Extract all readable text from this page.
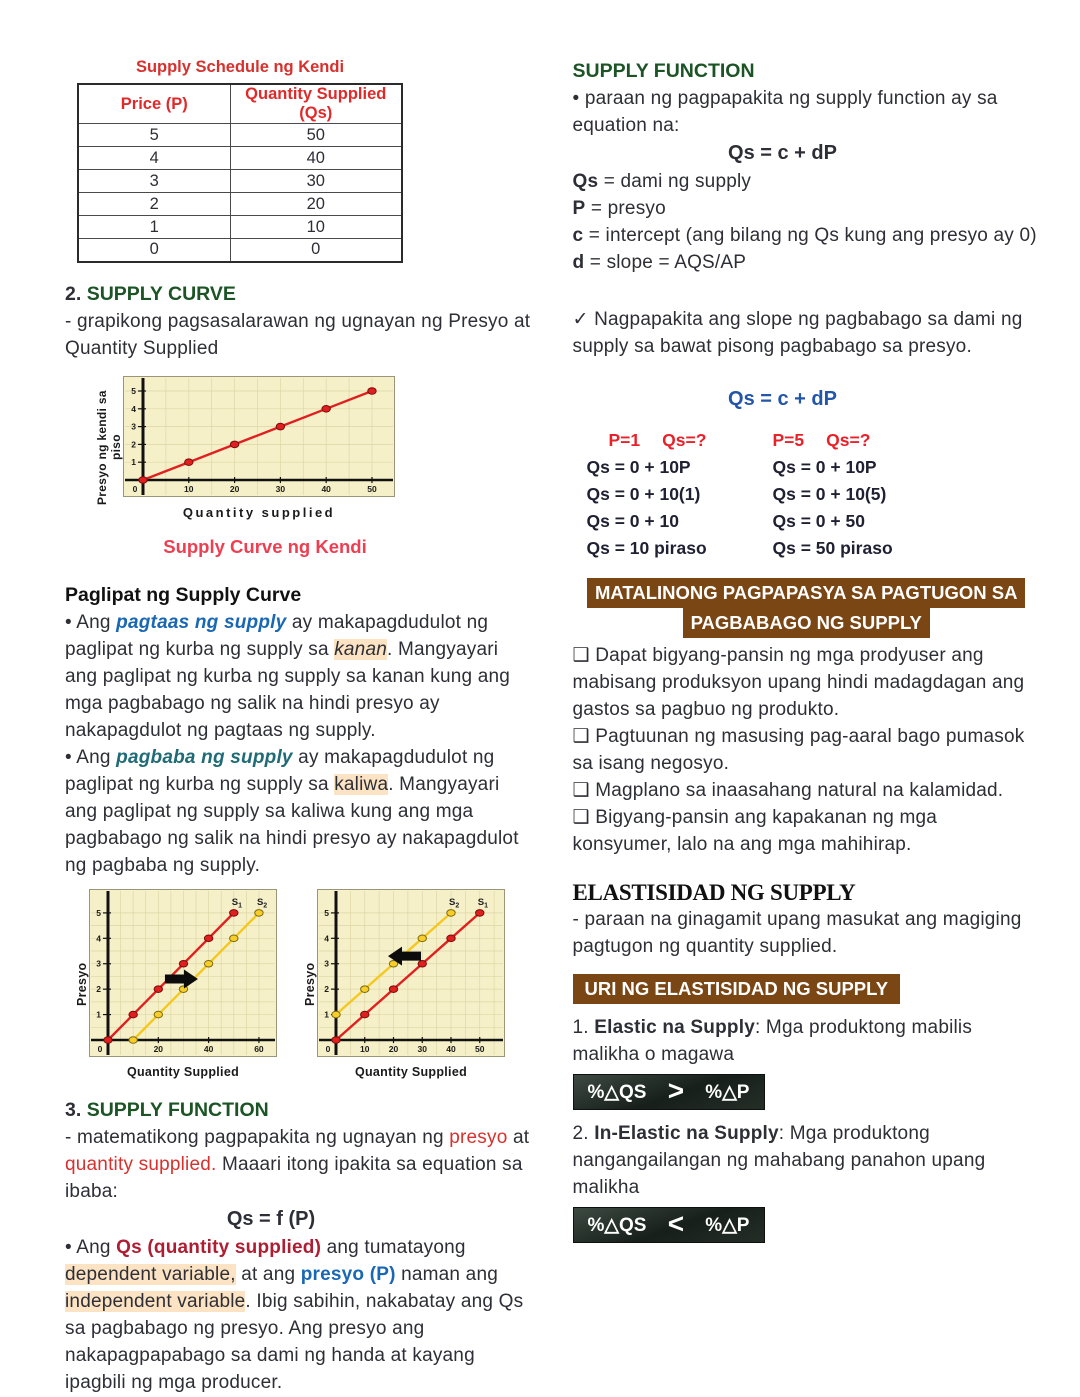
Supply Schedule ng Kendi
Price (P)	Quantity Supplied (Qs)
5	50
4	40
3	30
2	20
1	10
0	0
2. SUPPLY CURVE

- grapikong pagsasalarawan ng ugnayan ng Presyo at Quantity Supplied

Presyo ng kendi sa piso
0	10	20	30	40	50
1
2
3
4
5
Quantity supplied
Supply Curve ng Kendi
Paglipat ng Supply Curve

• Ang pagtaas ng supply ay makapagdudulot ng paglipat ng kurba ng supply sa kanan. Mangyayari ang paglipat ng kurba ng supply sa kanan kung ang mga pagbabago ng salik na hindi presyo ay nakapagdulot ng pagtaas ng supply.

• Ang pagbaba ng supply ay makapagdudulot ng paglipat ng kurba ng supply sa kaliwa. Mangyayari ang paglipat ng supply sa kaliwa kung ang mga pagbabago ng salik na hindi presyo ay nakapagdulot ng pagbaba ng supply.

Presyo
0	20	40	60
1
2
3
4
5
$S_1$ $S_2$
Quantity Supplied
Presyo
0	10 20 30 40 50
1
2
3
4
5
$S_2$ $S_1$
Quantity Supplied
3. SUPPLY FUNCTION

- matematikong pagpapakita ng ugnayan ng presyo at quantity supplied. Maaari itong ipakita sa equation sa ibaba:

Qs = f (P)

• Ang Qs (quantity supplied) ang tumatayong dependent variable, at ang presyo (P) naman ang independent variable. Ibig sabihin, nakabatay ang Qs sa pagbabago ng presyo. Ang presyo ang nakapagpapabago sa dami ng handa at kayang ipagbili ng mga producer.

SUPPLY FUNCTION

• paraan ng pagpapakita ng supply function ay sa equation na:

Qs = c + dP

Qs = dami ng supply

P = presyo

c = intercept (ang bilang ng Qs kung ang presyo ay 0)

d = slope = AQS/AP

✓ Nagpapakita ang slope ng pagbabago sa dami ng supply sa bawat pisong pagbabago sa presyo.

Qs = c + dP
P=1 Qs=?
Qs = 0 + 10P
Qs = 0 + 10(1)
Qs = 0 + 10
Qs = 10 piraso
P=5 Qs=?
Qs = 0 + 10P
Qs = 0 + 10(5)
Qs = 0 + 50
Qs = 50 piraso
MATALINONG PAGPAPASYA SA PAGTUGON SA
PAGBABAGO NG SUPPLY

❑ Dapat bigyang-pansin ng mga prodyuser ang mabisang produksyon upang hindi madagdagan ang gastos sa pagbuo ng produkto.

❑ Pagtuunan ng masusing pag-aaral bago pumasok sa isang negosyo.

❑ Magplano sa inaasahang natural na kalamidad.

❑ Bigyang-pansin ang kapakanan ng mga konsyumer, lalo na ang mga mahihirap.

ELASTISIDAD NG SUPPLY

- paraan na ginagamit upang masukat ang magiging pagtugon ng quantity supplied.

URI NG ELASTISIDAD NG SUPPLY

1. Elastic na Supply: Mga produktong mabilis malikha o magawa

%△QS > %△P

2. In-Elastic na Supply: Mga produktong nangangailangan ng mahabang panahon upang malikha

%△QS < %△P
